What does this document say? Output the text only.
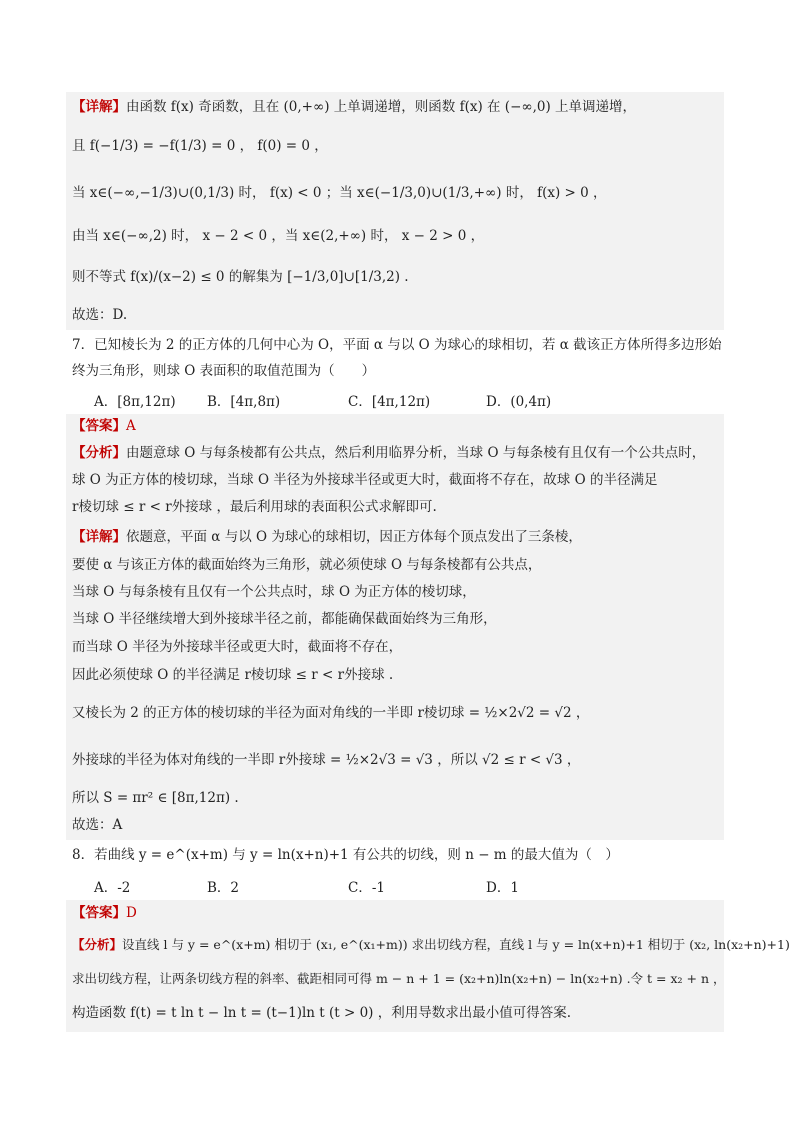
【详解】由函数 f(x) 奇函数，且在 (0,+∞) 上单调递增，则函数 f(x) 在 (−∞,0) 上单调递增，
且 f(−1/3) = −f(1/3) = 0 ， f(0) = 0 ，
当 x∈(−∞,−1/3)∪(0,1/3) 时， f(x) < 0 ；当 x∈(−1/3,0)∪(1/3,+∞) 时， f(x) > 0 ，
由当 x∈(−∞,2) 时， x − 2 < 0 ，当 x∈(2,+∞) 时， x − 2 > 0 ，
则不等式 f(x)/(x−2) ≤ 0 的解集为 [−1/3,0]∪[1/3,2) .
故选：D.
7．已知棱长为 2 的正方体的几何中心为 O，平面 α 与以 O 为球心的球相切，若 α 截该正方体所得多边形始
终为三角形，则球 O 表面积的取值范围为（　　）
A．[8π,12π) B．[4π,8π)	C．[4π,12π)	D．(0,4π)
【答案】A
【分析】由题意球 O 与每条棱都有公共点，然后利用临界分析，当球 O 与每条棱有且仅有一个公共点时，
球 O 为正方体的棱切球，当球 O 半径为外接球半径或更大时，截面将不存在，故球 O 的半径满足
r棱切球 ≤ r < r外接球 ，最后利用球的表面积公式求解即可.
【详解】依题意，平面 α 与以 O 为球心的球相切，因正方体每个顶点发出了三条棱，
要使 α 与该正方体的截面始终为三角形，就必须使球 O 与每条棱都有公共点，
当球 O 与每条棱有且仅有一个公共点时，球 O 为正方体的棱切球，
当球 O 半径继续增大到外接球半径之前，都能确保截面始终为三角形，
而当球 O 半径为外接球半径或更大时，截面将不存在，
因此必须使球 O 的半径满足 r棱切球 ≤ r < r外接球 .
又棱长为 2 的正方体的棱切球的半径为面对角线的一半即 r棱切球 = ½×2√2 = √2 ，
外接球的半径为体对角线的一半即 r外接球 = ½×2√3 = √3 ，所以 √2 ≤ r < √3 ，
所以 S = πr² ∈ [8π,12π) .
故选：A
8．若曲线 y = e^(x+m) 与 y = ln(x+n)+1 有公共的切线，则 n − m 的最大值为（　）
A．-2	B．2	C．-1	D．1
【答案】D
【分析】设直线 l 与 y = e^(x+m) 相切于 (x₁, e^(x₁+m)) 求出切线方程，直线 l 与 y = ln(x+n)+1 相切于 (x₂, ln(x₂+n)+1)
求出切线方程，让两条切线方程的斜率、截距相同可得 m − n + 1 = (x₂+n)ln(x₂+n) − ln(x₂+n) .令 t = x₂ + n ，
构造函数 f(t) = t ln t − ln t = (t−1)ln t (t > 0) ，利用导数求出最小值可得答案.
